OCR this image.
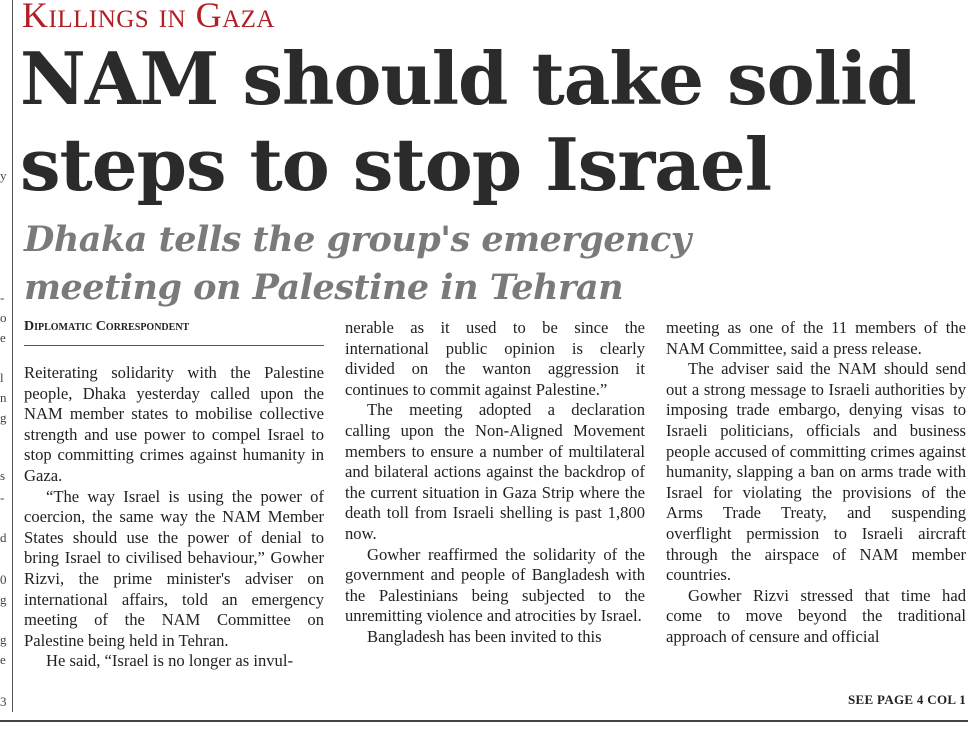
y
-
o
e
l
n
g
s
-
d
0
g
g
e
3
Killings in Gaza
NAM should take solid steps to stop Israel
Dhaka tells the group's emergency meeting on Palestine in Tehran
Diplomatic Correspondent

Reiterating solidarity with the Palestine people, Dhaka yesterday called upon the NAM member states to mobilise collective strength and use power to compel Israel to stop committing crimes against humanity in Gaza.

“The way Israel is using the power of coercion, the same way the NAM Member States should use the power of denial to bring Israel to civilised behaviour,” Gowher Rizvi, the prime minister's adviser on international affairs, told an emergency meeting of the NAM Committee on Palestine being held in Tehran.

He said, “Israel is no longer as invul-

nerable as it used to be since the international public opinion is clearly divided on the wanton aggression it continues to commit against Palestine.”

The meeting adopted a declaration calling upon the Non-Aligned Movement members to ensure a number of multilateral and bilateral actions against the backdrop of the current situation in Gaza Strip where the death toll from Israeli shelling is past 1,800 now.

Gowher reaffirmed the solidarity of the government and people of Bangladesh with the Palestinians being subjected to the unremitting violence and atrocities by Israel.

Bangladesh has been invited to this

meeting as one of the 11 members of the NAM Committee, said a press release.

The adviser said the NAM should send out a strong message to Israeli authorities by imposing trade embargo, denying visas to Israeli politicians, officials and business people accused of committing crimes against humanity, slapping a ban on arms trade with Israel for violating the provisions of the Arms Trade Treaty, and suspending overflight permission to Israeli aircraft through the airspace of NAM member countries.

Gowher Rizvi stressed that time had come to move beyond the traditional approach of censure and official

SEE PAGE 4 COL 1
